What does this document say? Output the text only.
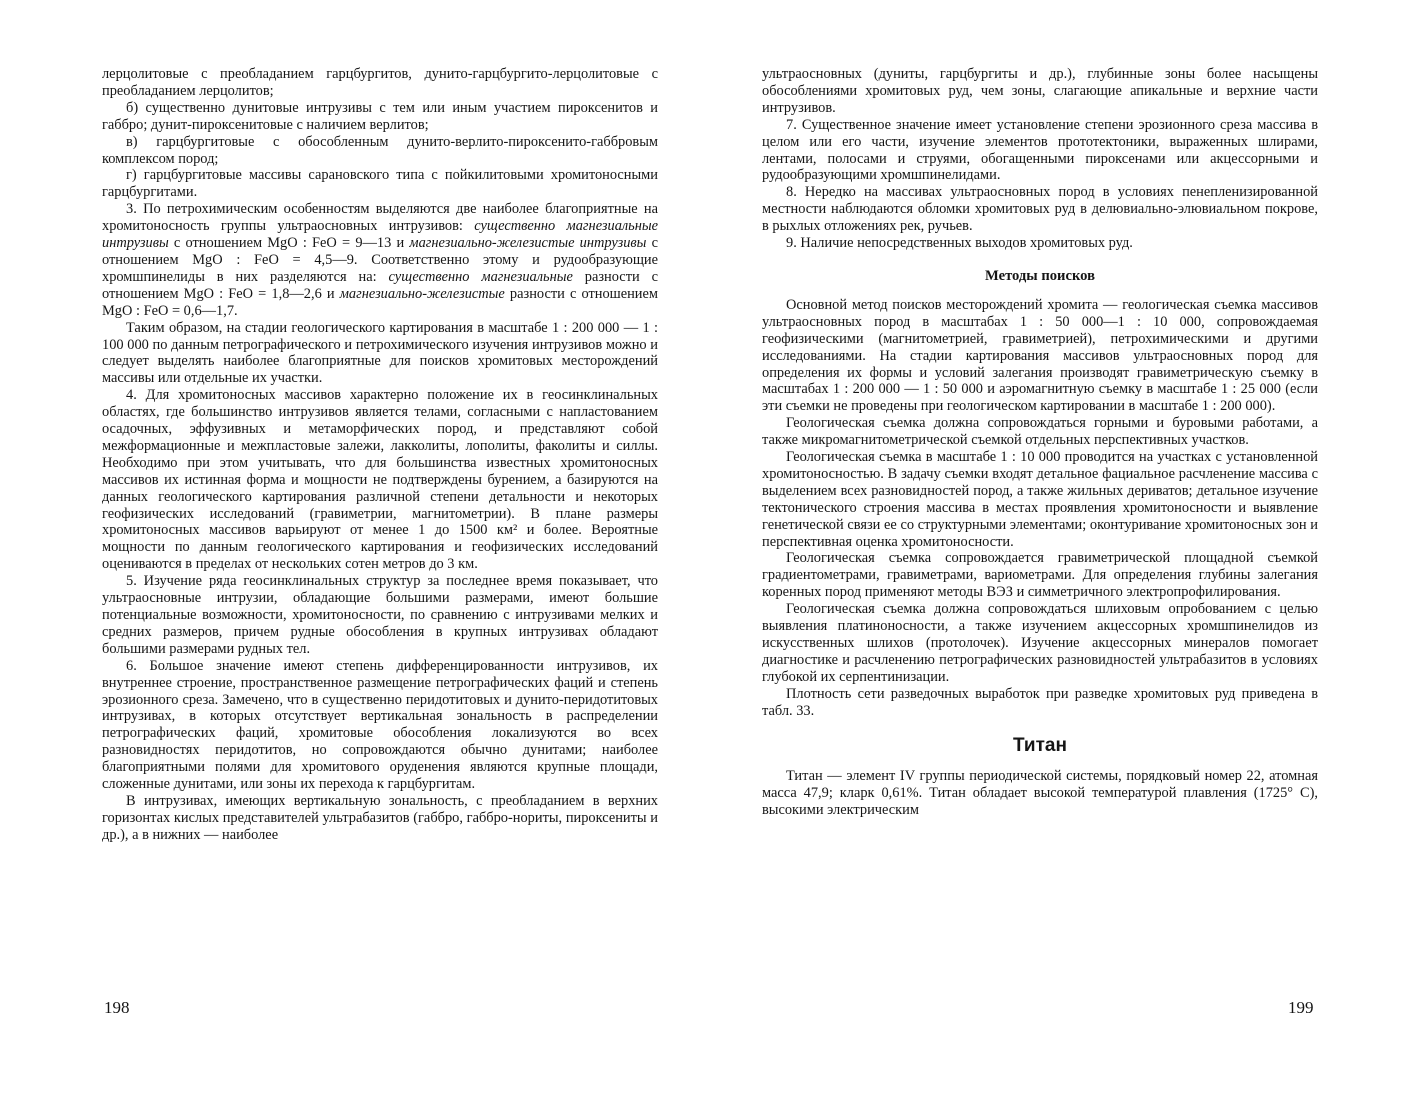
лерцолитовые с преобладанием гарцбургитов, дунито-гарцбургито-лерцолитовые с преобладанием лерцолитов;

б) существенно дунитовые интрузивы с тем или иным участием пироксенитов и габбро; дунит-пироксенитовые с наличием верлитов;

в) гарцбургитовые с обособленным дунито-верлито-пироксенито-габбровым комплексом пород;

г) гарцбургитовые массивы сарановского типа с пойкилитовыми хромитоносными гарцбургитами.

3. По петрохимическим особенностям выделяются две наиболее благоприятные на хромитоносность группы ультраосновных интрузивов: существенно магнезиальные интрузивы с отношением MgO : FeO = 9—13 и магнезиально-железистые интрузивы с отношением MgO : FeO = 4,5—9. Соответственно этому и рудообразующие хромшпинелиды в них разделяются на: существенно магнезиальные разности с отношением MgO : FeO = 1,8—2,6 и магнезиально-железистые разности с отношением MgO : FeO = 0,6—1,7.

Таким образом, на стадии геологического картирования в масштабе 1 : 200 000 — 1 : 100 000 по данным петрографического и петрохимического изучения интрузивов можно и следует выделять наиболее благоприятные для поисков хромитовых месторождений массивы или отдельные их участки.

4. Для хромитоносных массивов характерно положение их в геосинклинальных областях, где большинство интрузивов является телами, согласными с напластованием осадочных, эффузивных и метаморфических пород, и представляют собой межформационные и межпластовые залежи, лакколиты, лополиты, факолиты и силлы. Необходимо при этом учитывать, что для большинства известных хромитоносных массивов их истинная форма и мощности не подтверждены бурением, а базируются на данных геологического картирования различной степени детальности и некоторых геофизических исследований (гравиметрии, магнитометрии). В плане размеры хромитоносных массивов варьируют от менее 1 до 1500 км² и более. Вероятные мощности по данным геологического картирования и геофизических исследований оцениваются в пределах от нескольких сотен метров до 3 км.

5. Изучение ряда геосинклинальных структур за последнее время показывает, что ультраосновные интрузии, обладающие большими размерами, имеют большие потенциальные возможности, хромитоносности, по сравнению с интрузивами мелких и средних размеров, причем рудные обособления в крупных интрузивах обладают большими размерами рудных тел.

6. Большое значение имеют степень дифференцированности интрузивов, их внутреннее строение, пространственное размещение петрографических фаций и степень эрозионного среза. Замечено, что в существенно перидотитовых и дунито-перидотитовых интрузивах, в которых отсутствует вертикальная зональность в распределении петрографических фаций, хромитовые обособления локализуются во всех разновидностях перидотитов, но сопровождаются обычно дунитами; наиболее благоприятными полями для хромитового оруденения являются крупные площади, сложенные дунитами, или зоны их перехода к гарцбургитам.

В интрузивах, имеющих вертикальную зональность, с преобладанием в верхних горизонтах кислых представителей ультрабазитов (габбро, габбро-нориты, пироксениты и др.), а в нижних — наиболее

198

ультраосновных (дуниты, гарцбургиты и др.), глубинные зоны более насыщены обособлениями хромитовых руд, чем зоны, слагающие апикальные и верхние части интрузивов.

7. Существенное значение имеет установление степени эрозионного среза массива в целом или его части, изучение элементов прототектоники, выраженных шлирами, лентами, полосами и струями, обогащенными пироксенами или акцессорными и рудообразующими хромшпинелидами.

8. Нередко на массивах ультраосновных пород в условиях пенепленизированной местности наблюдаются обломки хромитовых руд в делювиально-элювиальном покрове, в рыхлых отложениях рек, ручьев.

9. Наличие непосредственных выходов хромитовых руд.

Методы поисков

Основной метод поисков месторождений хромита — геологическая съемка массивов ультраосновных пород в масштабах 1 : 50 000—1 : 10 000, сопровождаемая геофизическими (магнитометрией, гравиметрией), петрохимическими и другими исследованиями. На стадии картирования массивов ультраосновных пород для определения их формы и условий залегания производят гравиметрическую съемку в масштабах 1 : 200 000 — 1 : 50 000 и аэромагнитную съемку в масштабе 1 : 25 000 (если эти съемки не проведены при геологическом картировании в масштабе 1 : 200 000).

Геологическая съемка должна сопровождаться горными и буровыми работами, а также микромагнитометрической съемкой отдельных перспективных участков.

Геологическая съемка в масштабе 1 : 10 000 проводится на участках с установленной хромитоносностью. В задачу съемки входят детальное фациальное расчленение массива с выделением всех разновидностей пород, а также жильных дериватов; детальное изучение тектонического строения массива в местах проявления хромитоносности и выявление генетической связи ее со структурными элементами; оконтуривание хромитоносных зон и перспективная оценка хромитоносности.

Геологическая съемка сопровождается гравиметрической площадной съемкой градиентометрами, гравиметрами, вариометрами. Для определения глубины залегания коренных пород применяют методы ВЭЗ и симметричного электропрофилирования.

Геологическая съемка должна сопровождаться шлиховым опробованием с целью выявления платиноносности, а также изучением акцессорных хромшпинелидов из искусственных шлихов (протолочек). Изучение акцессорных минералов помогает диагностике и расчленению петрографических разновидностей ультрабазитов в условиях глубокой их серпентинизации.

Плотность сети разведочных выработок при разведке хромитовых руд приведена в табл. 33.

Титан

Титан — элемент IV группы периодической системы, порядковый номер 22, атомная масса 47,9; кларк 0,61%. Титан обладает высокой температурой плавления (1725° С), высокими электрическим

199
